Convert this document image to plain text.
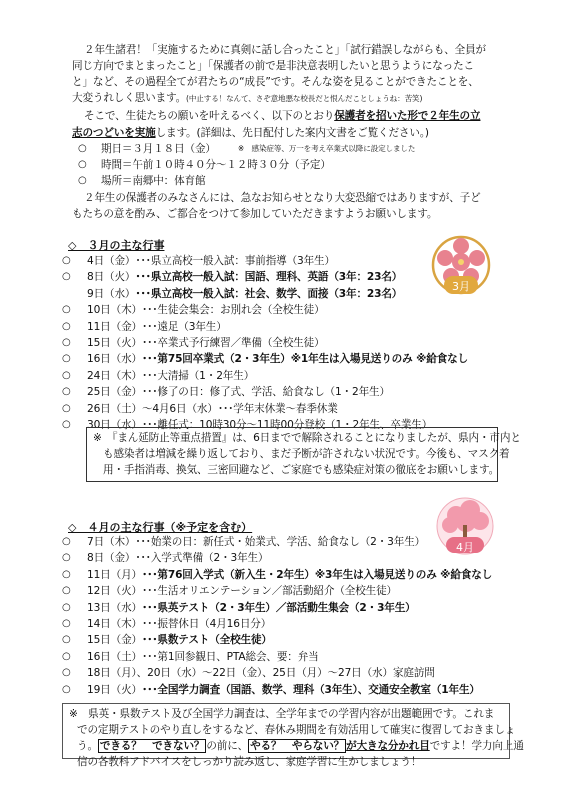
２年生諸君！「実施するために真剣に話し合ったこと」「試行錯誤しながらも、全員が
同じ方向でまとまったこと」「保護者の前で是非決意表明したいと思うようになったこ
と」など、その過程全てが君たちの“成長”です。そんな姿を見ることができたことを、
大変うれしく思います。(中止する！なんて、さぞ意地悪な校長だと恨んだことしょうね：苦笑)
そこで、生徒たちの願いを叶えるべく、以下のとおり保護者を招いた形で２年生の立
志のつどいを実施します。(詳細は、先日配付した案内文書をご覧ください。)
○	期日＝３月１８日（金）	※　感染症等、万一を考え卒業式以降に設定しました
○	時間＝午前１０時４０分～１２時３０分（予定）
○	場所＝南郷中：体育館
２年生の保護者のみなさんには、急なお知らせとなり大変恐縮ではありますが、子ど
もたちの意を酌み、ご都合をつけて参加していただきますようお願いします。
◇　３月の主な行事
3月
○	4日（金） ･･･県立高校一般入試：事前指導（3年生）
○	8日（火） ･･･県立高校一般入試：国語、理科、英語（3年：23名）
9日（水） ･･･県立高校一般入試：社会、数学、面接（3年：23名）
○	10日（木） ･･･生徒会集会：お別れ会（全校生徒）
○	11日（金） ･･･遠足（3年生）
○	15日（火） ･･･卒業式予行練習／準備（全校生徒）
○	16日（水） ･･･第75回卒業式（2・3年生）※1年生は入場見送りのみ ※給食なし
○	24日（木） ･･･大清掃（1・2年生）
○	25日（金） ･･･修了の日：修了式、学活、給食なし（1・2年生）
○	26日（土）～4月6日（水） ･･･学年末休業～春季休業
○	30日（水） ･･･離任式：10時30分～11時00分登校（1・2年生、卒業生）
※　『まん延防止等重点措置』は、6日までで解除されることになりましたが、県内・市内と
も感染者は増減を繰り返しており、まだ予断が許されない状況です。今後も、マスク着
用・手指消毒、換気、三密回避など、ご家庭でも感染症対策の徹底をお願いします。
◇　４月の主な行事（※予定を含む）
4月
○	7日（木） ･･･始業の日：新任式・始業式、学活、給食なし（2・3年生）
○	8日（金） ･･･入学式準備（2・3年生）
○	11日（月） ･･･第76回入学式（新入生・2年生）※3年生は入場見送りのみ ※給食なし
○	12日（火） ･･･生活オリエンテーション／部活動紹介（全校生徒）
○	13日（水） ･･･県英テスト（2・3年生）／部活動生集会（2・3年生）
○	14日（木） ･･･振替休日（4月16日分）
○	15日（金） ･･･県数テスト（全校生徒）
○	16日（土） ･･･第1回参観日、PTA総会、要：弁当
○	18日（月）、20日（水）～22日（金）、25日（月）～27日（水） 家庭訪問
○	19日（火） ･･･全国学力調査（国語、数学、理科（3年生）、交通安全教室（1年生）
※　県英・県数テスト及び全国学力調査は、全学年までの学習内容が出題範囲です。これま
での定期テストのやり直しをするなど、春休み期間を有効活用して確実に復習しておきましょ
う。 できる？　できない？ の前に、 やる？　やらない？ が大きな分かれ目ですよ！学力向上通
信の各教科アドバイスをしっかり読み返し、家庭学習に生かしましょう！
